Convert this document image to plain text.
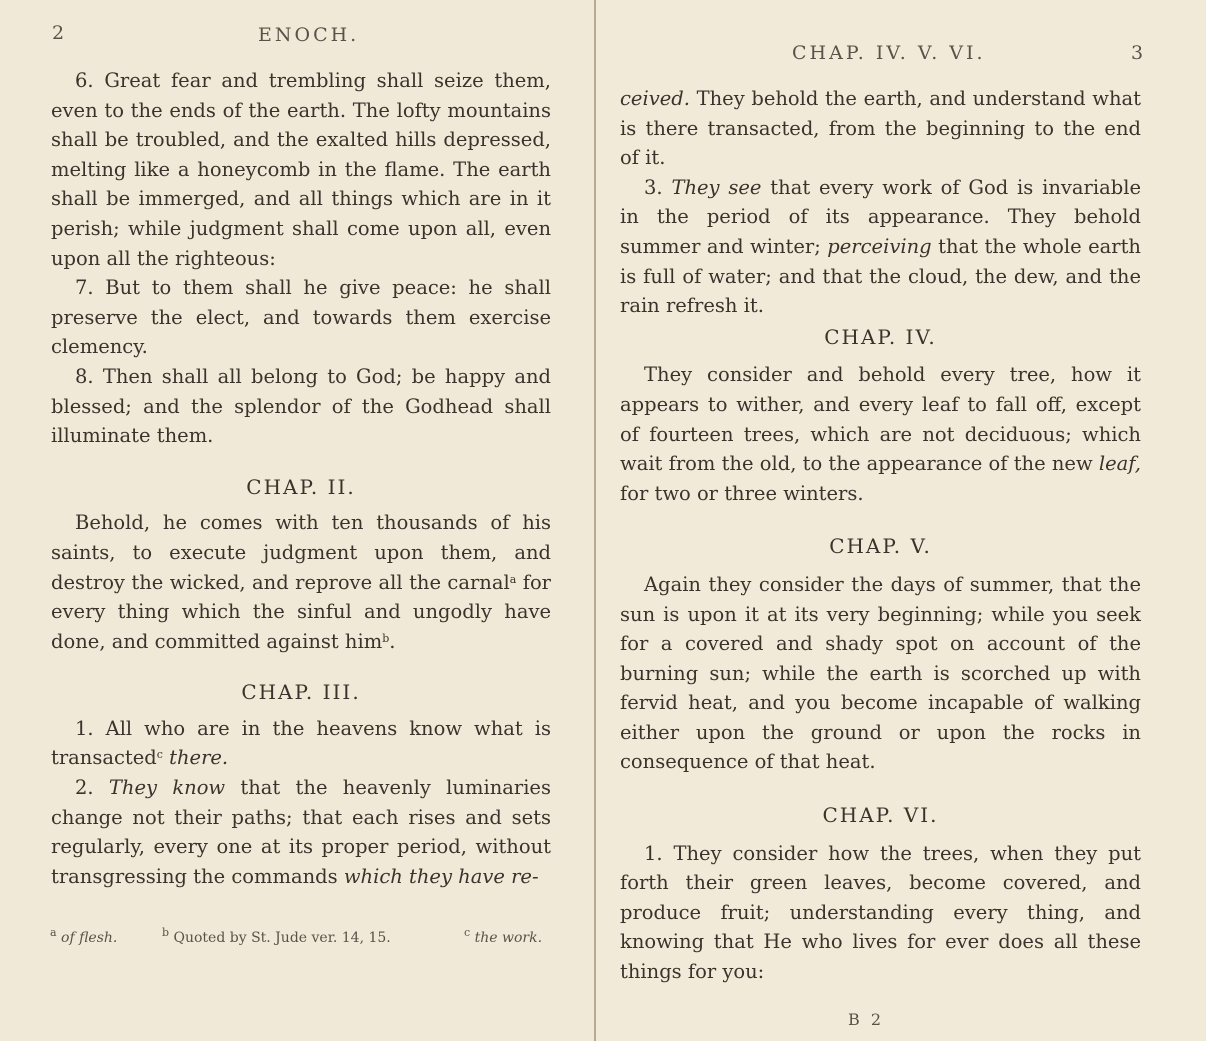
2	ENOCH.

6. Great fear and trembling shall seize them, even to the ends of the earth. The lofty mountains shall be troubled, and the exalted hills depressed, melting like a honeycomb in the flame. The earth shall be immerged, and all things which are in it perish; while judgment shall come upon all, even upon all the righteous:

7. But to them shall he give peace: he shall preserve the elect, and towards them exercise clemency.

8. Then shall all belong to God; be happy and blessed; and the splendor of the Godhead shall illuminate them.

CHAP. II.

Behold, he comes with ten thousands of his saints, to execute judgment upon them, and destroy the wicked, and reprove all the carnal$^a$ for every thing which the sinful and ungodly have done, and committed against him$^b$.

CHAP. III.

1. All who are in the heavens know what is transacted$^c$ there.

2. They know that the heavenly luminaries change not their paths; that each rises and sets regularly, every one at its proper period, without transgressing the commands which they have re-

$^a$ of flesh.	$^b$ Quoted by St. Jude ver. 14, 15.	$^c$ the work.
CHAP. IV. V. VI.	3

ceived. They behold the earth, and understand what is there transacted, from the beginning to the end of it.

3. They see that every work of God is invariable in the period of its appearance. They behold summer and winter; perceiving that the whole earth is full of water; and that the cloud, the dew, and the rain refresh it.

CHAP. IV.

They consider and behold every tree, how it appears to wither, and every leaf to fall off, except of fourteen trees, which are not deciduous; which wait from the old, to the appearance of the new leaf, for two or three winters.

CHAP. V.

Again they consider the days of summer, that the sun is upon it at its very beginning; while you seek for a covered and shady spot on account of the burning sun; while the earth is scorched up with fervid heat, and you become incapable of walking either upon the ground or upon the rocks in consequence of that heat.

CHAP. VI.

1. They consider how the trees, when they put forth their green leaves, become covered, and produce fruit; understanding every thing, and knowing that He who lives for ever does all these things for you:

B 2
